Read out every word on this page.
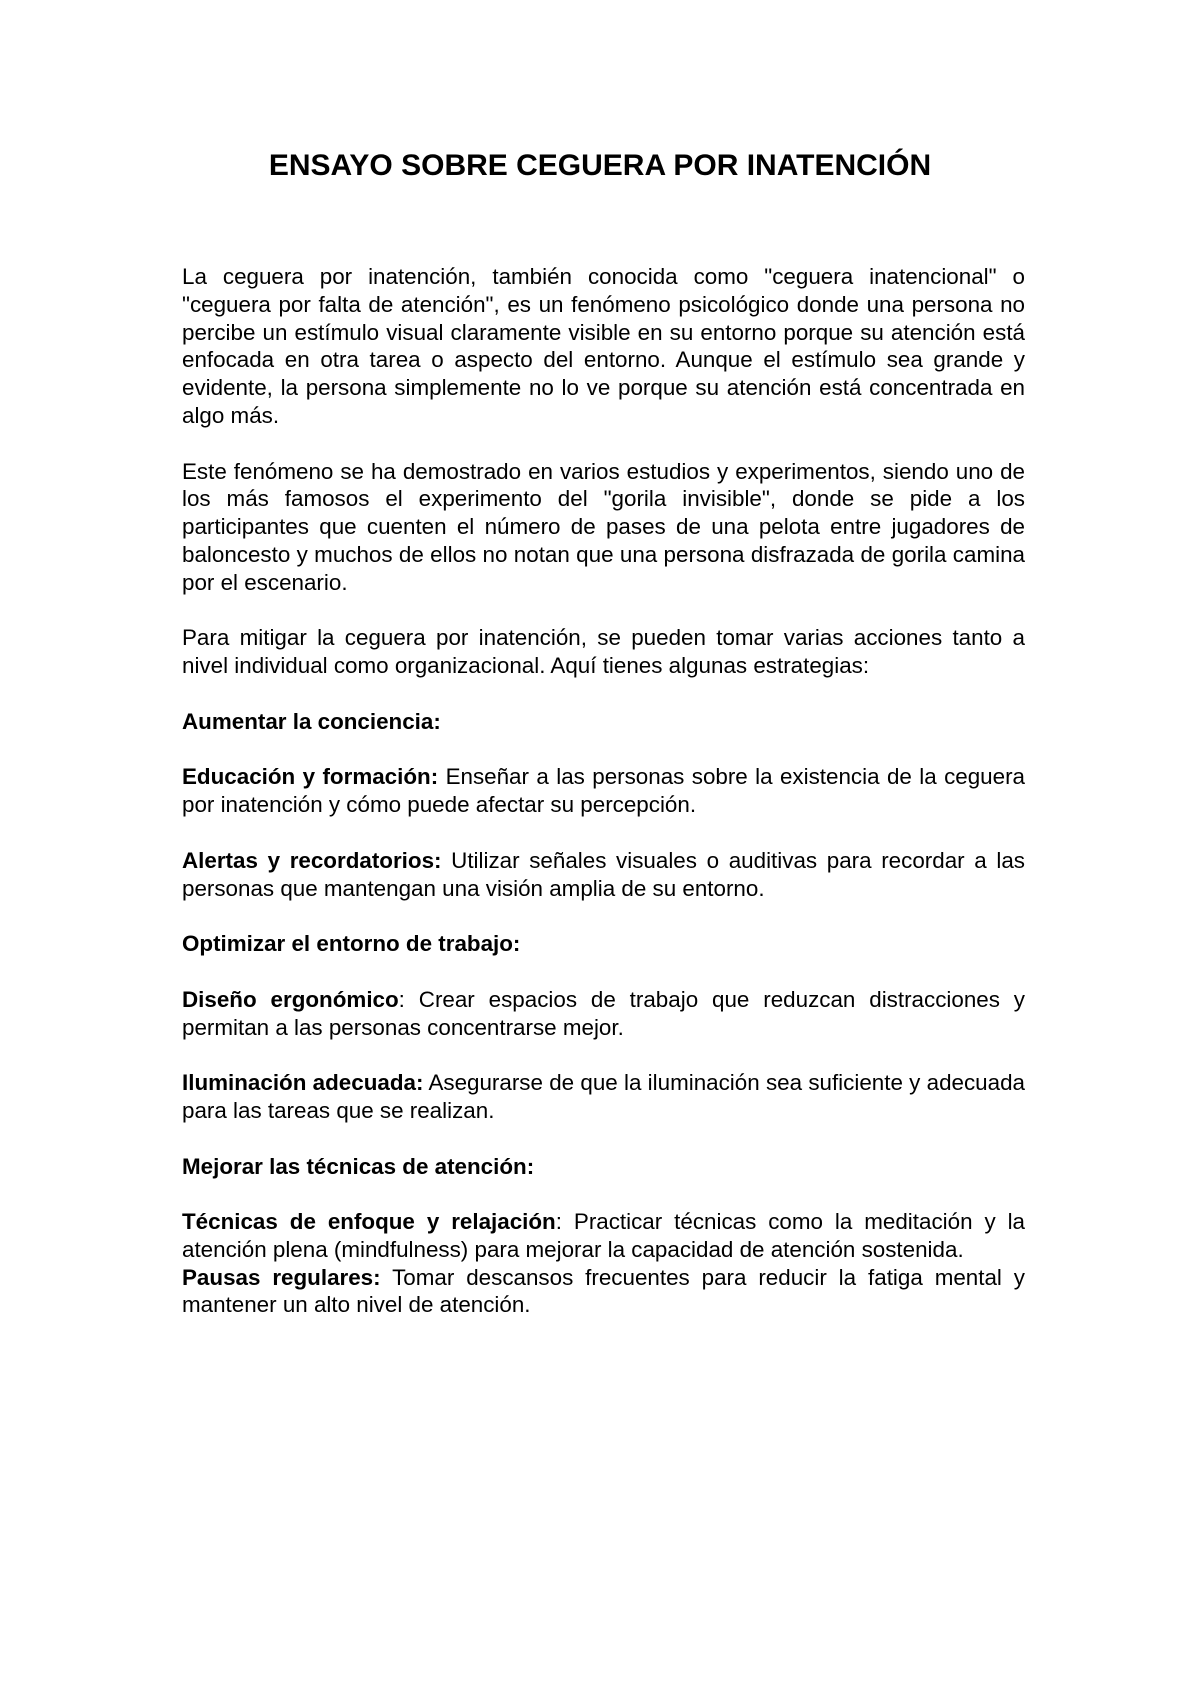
ENSAYO SOBRE CEGUERA POR INATENCIÓN

La ceguera por inatención, también conocida como "ceguera inatencional" o "ceguera por falta de atención", es un fenómeno psicológico donde una persona no percibe un estímulo visual claramente visible en su entorno porque su atención está enfocada en otra tarea o aspecto del entorno. Aunque el estímulo sea grande y evidente, la persona simplemente no lo ve porque su atención está concentrada en algo más.

Este fenómeno se ha demostrado en varios estudios y experimentos, siendo uno de los más famosos el experimento del "gorila invisible", donde se pide a los participantes que cuenten el número de pases de una pelota entre jugadores de baloncesto y muchos de ellos no notan que una persona disfrazada de gorila camina por el escenario.

Para mitigar la ceguera por inatención, se pueden tomar varias acciones tanto a nivel individual como organizacional. Aquí tienes algunas estrategias:

Aumentar la conciencia:

Educación y formación: Enseñar a las personas sobre la existencia de la ceguera por inatención y cómo puede afectar su percepción.

Alertas y recordatorios: Utilizar señales visuales o auditivas para recordar a las personas que mantengan una visión amplia de su entorno.

Optimizar el entorno de trabajo:

Diseño ergonómico: Crear espacios de trabajo que reduzcan distracciones y permitan a las personas concentrarse mejor.

Iluminación adecuada: Asegurarse de que la iluminación sea suficiente y adecuada para las tareas que se realizan.

Mejorar las técnicas de atención:

Técnicas de enfoque y relajación: Practicar técnicas como la meditación y la atención plena (mindfulness) para mejorar la capacidad de atención sostenida.

Pausas regulares: Tomar descansos frecuentes para reducir la fatiga mental y mantener un alto nivel de atención.
